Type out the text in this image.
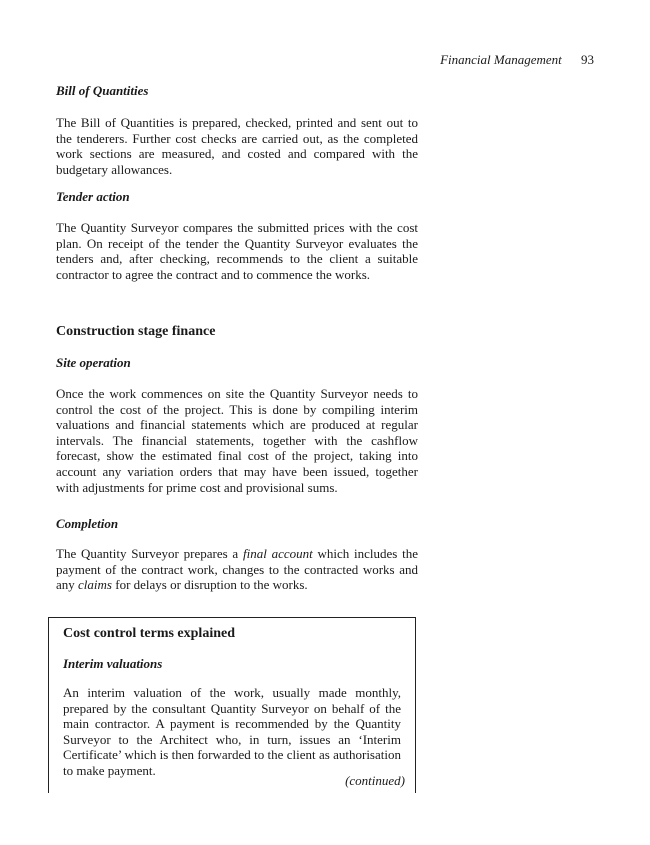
Financial Management 93
Bill of Quantities

The Bill of Quantities is prepared, checked, printed and sent out to the tenderers. Further cost checks are carried out, as the completed work sections are measured, and costed and compared with the budgetary allowances.

Tender action

The Quantity Surveyor compares the submitted prices with the cost plan. On receipt of the tender the Quantity Surveyor evaluates the tenders and, after checking, recommends to the client a suitable contractor to agree the contract and to commence the works.

Construction stage finance
Site operation

Once the work commences on site the Quantity Surveyor needs to control the cost of the project. This is done by compiling interim valuations and financial statements which are produced at regular intervals. The financial statements, together with the cashflow forecast, show the estimated final cost of the project, taking into account any variation orders that may have been issued, together with adjustments for prime cost and provisional sums.

Completion

The Quantity Surveyor prepares a final account which includes the payment of the contract work, changes to the contracted works and any claims for delays or disruption to the works.

Cost control terms explained
Interim valuations

An interim valuation of the work, usually made monthly, prepared by the consultant Quantity Surveyor on behalf of the main contractor. A payment is recommended by the Quantity Surveyor to the Architect who, in turn, issues an ‘Interim Certificate’ which is then forwarded to the client as authorisation to make payment.

(continued)
